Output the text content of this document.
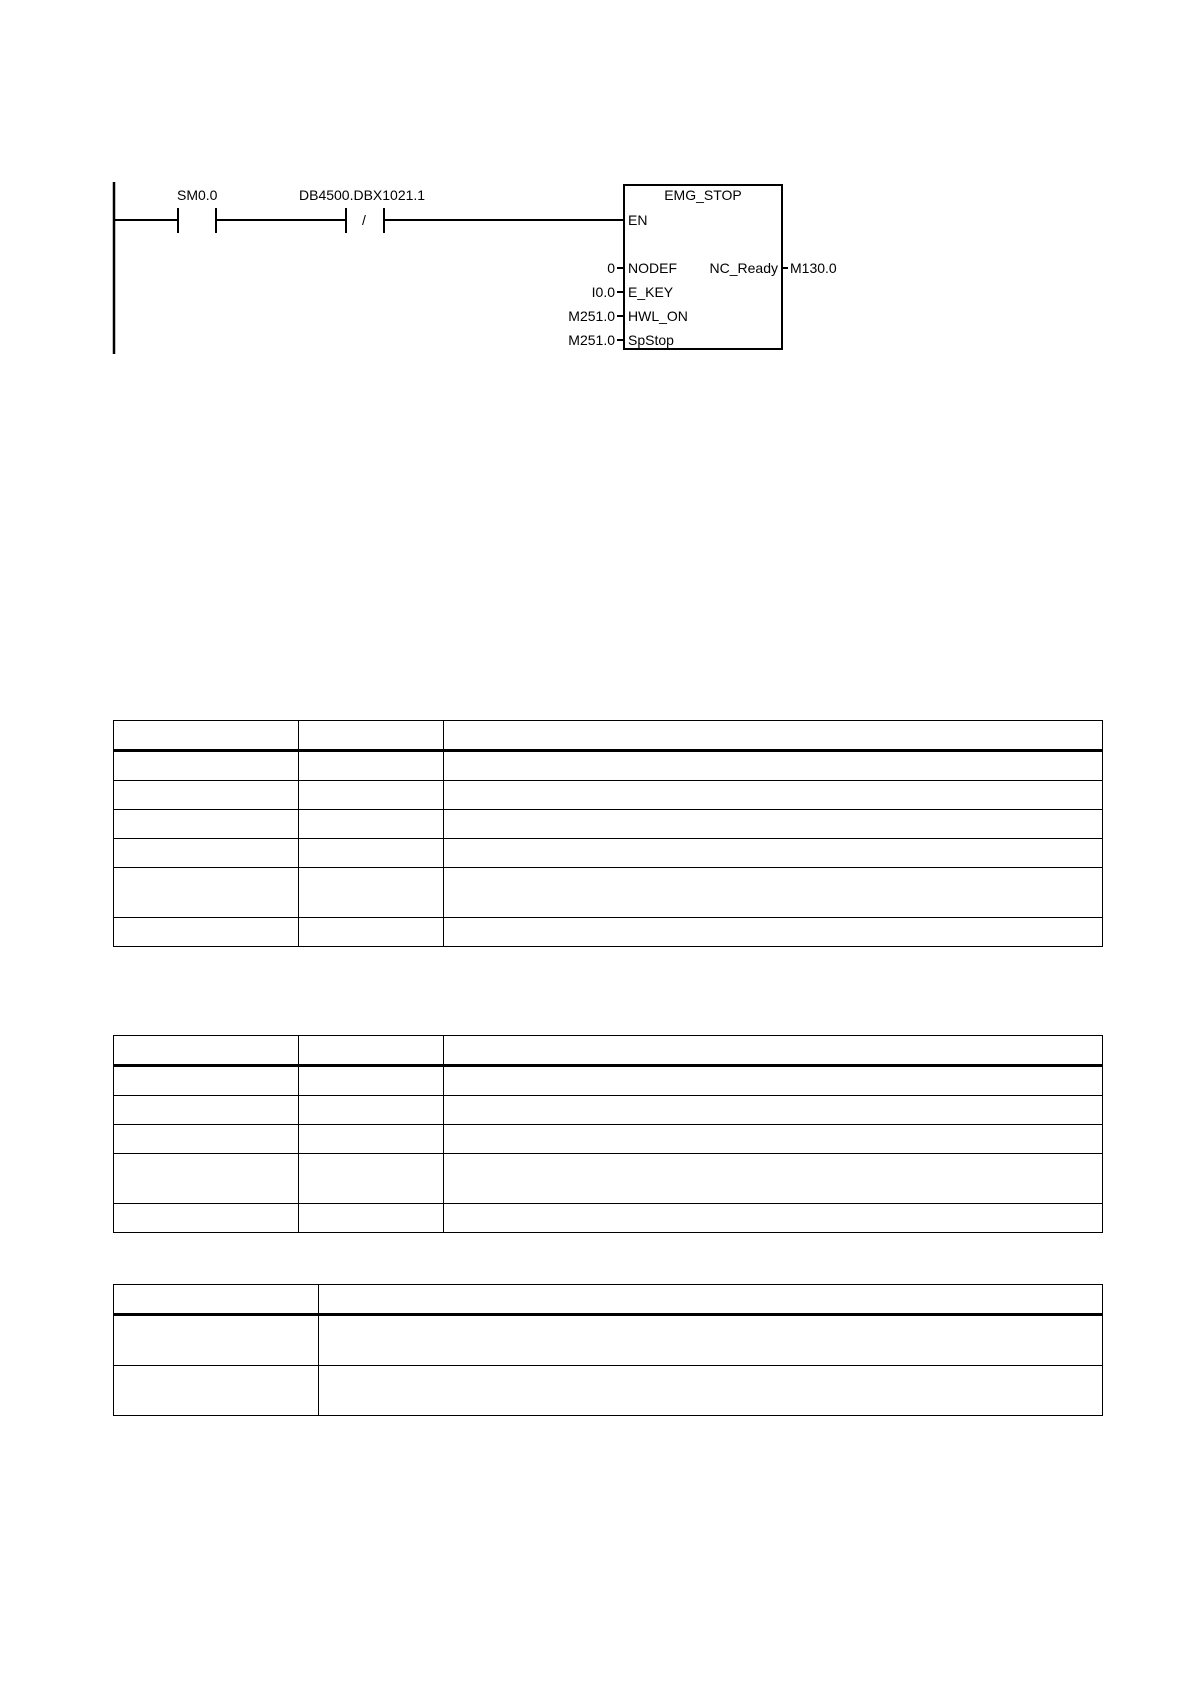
SM0.0
/
DB4500.DBX1021.1	EMG_STOP
EN
0 NODEF
I0.0 E_KEY
M251.0 HWL_ON
M251.0 SpStop
NC_Ready M130.0
